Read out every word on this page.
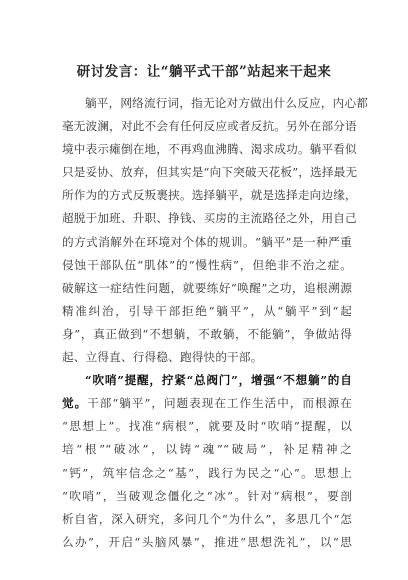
研讨发言：让“躺平式干部”站起来干起来
躺平，网络流行词，指无论对方做出什么反应，内心都
毫无波澜，对此不会有任何反应或者反抗。另外在部分语
境中表示瘫倒在地，不再鸡血沸腾、渴求成功。躺平看似
只是妥协、放弃，但其实是“向下突破天花板”，选择最无
所作为的方式反叛裹挟。选择躺平，就是选择走向边缘，
超脱于加班、升职、挣钱、买房的主流路径之外，用自己
的方式消解外在环境对个体的规训。“躺平”是一种严重
侵蚀干部队伍“肌体”的“慢性病”，但绝非不治之症。
破解这一症结性问题，就要练好“唤醒”之功，追根溯源
精准纠治，引导干部拒绝“躺平”，从“躺平”到“起
身”，真正做到“不想躺，不敢躺，不能躺”，争做站得
起、立得直、行得稳、跑得快的干部。
“吹哨”提醒，拧紧“总阀门”，增强“不想躺”的自
觉。干部“躺平”，问题表现在工作生活中，而根源在
“思想上”。找准“病根”，就要及时“吹哨”提醒，以
培“根”“破冰”，以铸“魂”“破局”，补足精神之
“钙”，筑牢信念之“基”，践行为民之“心”。思想上
“吹哨”，当破观念僵化之“冰”。针对“病根”，要剖
析自省，深入研究，多问几个“为什么”，多思几个“怎
么办”，开启“头脑风暴”，推进“思想洗礼”，以“思
